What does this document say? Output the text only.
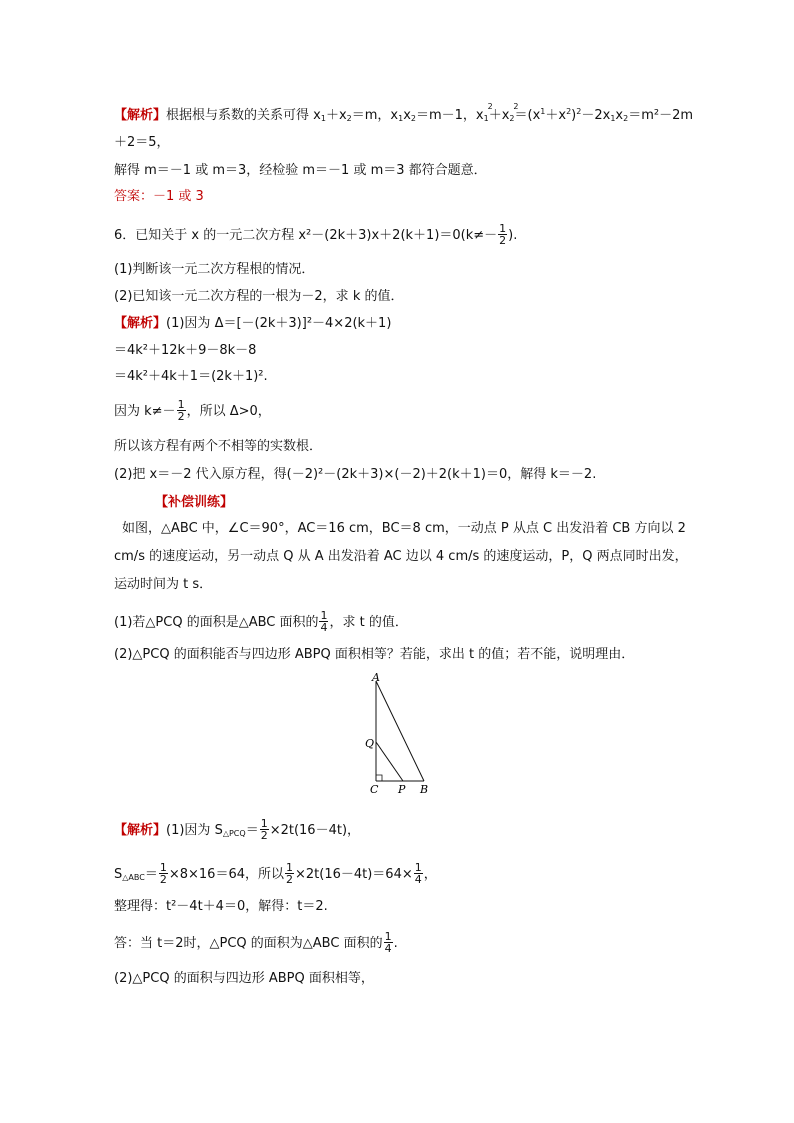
【解析】根据根与系数的关系可得 $x_1+x_2=m$，$x_1x_2=m-1$，$x_1$
2
$+x_2$
2
$=(x^1+x^2)^2-2x_1x_2=m^2-2m$
＋2＝5，
解得 m＝－1 或 m＝3，经检验 m＝－1 或 m＝3 都符合题意．
答案：－1 或 3
6．已知关于 x 的一元二次方程 $x^2-(2k+3)x+2(k+1)=0(k\ne- \frac{1}{2}$ ).
(1)判断该一元二次方程根的情况．
(2)已知该一元二次方程的一根为－2，求 k 的值．
【解析】(1)因为 Δ＝[－(2k＋3)]²－4×2(k＋1)
＝4k²＋12k＋9－8k－8
＝4k²＋4k＋1＝(2k＋1)².
因为 $k\ne- \frac{1}{2}$ ，所以 Δ>0，
所以该方程有两个不相等的实数根．
(2)把 x＝－2 代入原方程，得(－2)²－(2k＋3)×(－2)＋2(k＋1)＝0，解得 k＝－2.
【补偿训练】
如图，△ABC 中，∠C＝90°，AC＝16 cm，BC＝8 cm，一动点 P 从点 C 出发沿着 CB 方向以 2
cm/s 的速度运动，另一动点 Q 从 A 出发沿着 AC 边以 4 cm/s 的速度运动，P，Q 两点同时出发，
运动时间为 t s．
(1)若△PCQ 的面积是△ABC 面积的 $\frac{1}{4}$ ，求 t 的值．
(2)△PCQ 的面积能否与四边形 ABPQ 面积相等？若能，求出 t 的值；若不能，说明理由．
A
Q
C P B
【解析】(1)因为 $S_{\triangle PCQ}= \frac{1}{2} \times 2t(16-4t)$，
$S_{\triangle ABC}= \frac{1}{2} \times 8\times 16=64$，所以 $\frac{1}{2} \times 2t(16-4t)=64\times \frac{1}{4}$ ，
整理得：t²－4t＋4＝0，解得：t＝2.
答：当 t＝2时，△PCQ 的面积为△ABC 面积的 $\frac{1}{4}$ .
(2)△PCQ 的面积与四边形 ABPQ 面积相等，
